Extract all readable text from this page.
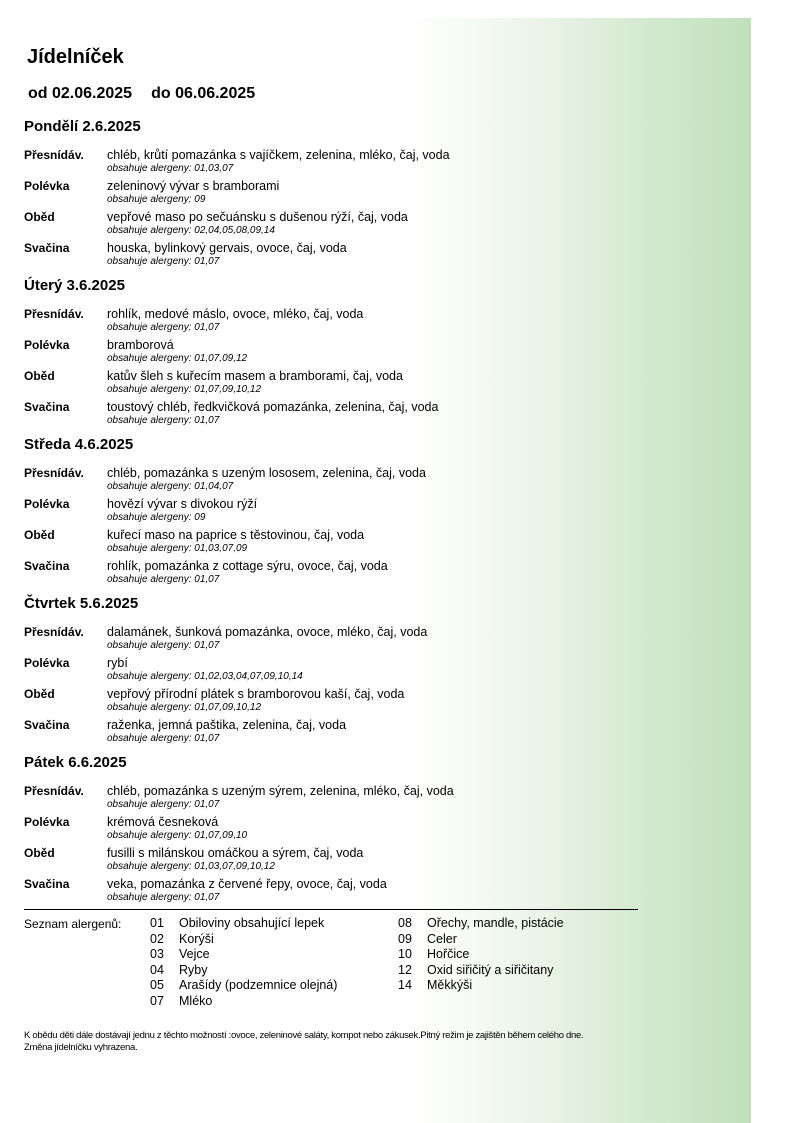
Jídelníček
od 02.06.2025 do 06.06.2025
Pondělí 2.6.2025
Přesnídáv.	chléb, krůtí pomazánka s vajíčkem, zelenina, mléko, čaj, voda
obsahuje alergeny: 01,03,07
Polévka	zeleninový vývar s bramborami
obsahuje alergeny: 09
Oběd	vepřové maso po sečuánsku s dušenou rýží, čaj, voda
obsahuje alergeny: 02,04,05,08,09,14
Svačina	houska, bylinkový gervais, ovoce, čaj, voda
obsahuje alergeny: 01,07
Úterý 3.6.2025
Přesnídáv.	rohlík, medové máslo, ovoce, mléko, čaj, voda
obsahuje alergeny: 01,07
Polévka	bramborová
obsahuje alergeny: 01,07,09,12
Oběd	katův šleh s kuřecím masem a bramborami, čaj, voda
obsahuje alergeny: 01,07,09,10,12
Svačina	toustový chléb, ředkvičková pomazánka, zelenina, čaj, voda
obsahuje alergeny: 01,07
Středa 4.6.2025
Přesnídáv.	chléb, pomazánka s uzeným lososem, zelenina, čaj, voda
obsahuje alergeny: 01,04,07
Polévka	hovězí vývar s divokou rýží
obsahuje alergeny: 09
Oběd	kuřecí maso na paprice s těstovinou, čaj, voda
obsahuje alergeny: 01,03,07,09
Svačina	rohlík, pomazánka z cottage sýru, ovoce, čaj, voda
obsahuje alergeny: 01,07
Čtvrtek 5.6.2025
Přesnídáv.	dalamánek, šunková pomazánka, ovoce, mléko, čaj, voda
obsahuje alergeny: 01,07
Polévka	rybí
obsahuje alergeny: 01,02,03,04,07,09,10,14
Oběd	vepřový přírodní plátek s bramborovou kaší, čaj, voda
obsahuje alergeny: 01,07,09,10,12
Svačina	raženka, jemná paštika, zelenina, čaj, voda
obsahuje alergeny: 01,07
Pátek 6.6.2025
Přesnídáv.	chléb, pomazánka s uzeným sýrem, zelenina, mléko, čaj, voda
obsahuje alergeny: 01,07
Polévka	krémová česneková
obsahuje alergeny: 01,07,09,10
Oběd	fusilli s milánskou omáčkou a sýrem, čaj, voda
obsahuje alergeny: 01,03,07,09,10,12
Svačina	veka, pomazánka z červené řepy, ovoce, čaj, voda
obsahuje alergeny: 01,07
Seznam alergenů: 01	Obiloviny obsahující lepek
02	Korýši
03	Vejce
04	Ryby
05	Arašídy (podzemnice olejná)
07	Mléko
08	Ořechy, mandle, pistácie
09	Celer
10	Hořčice
12	Oxid siřičitý a siřičitany
14	Měkkýši
K obědu děti dále dostávají jednu z těchto možností :ovoce, zeleninové saláty, kompot nebo zákusek.Pitný režim je zajištěn během celého dne.
Změna jídelníčku vyhrazena.
